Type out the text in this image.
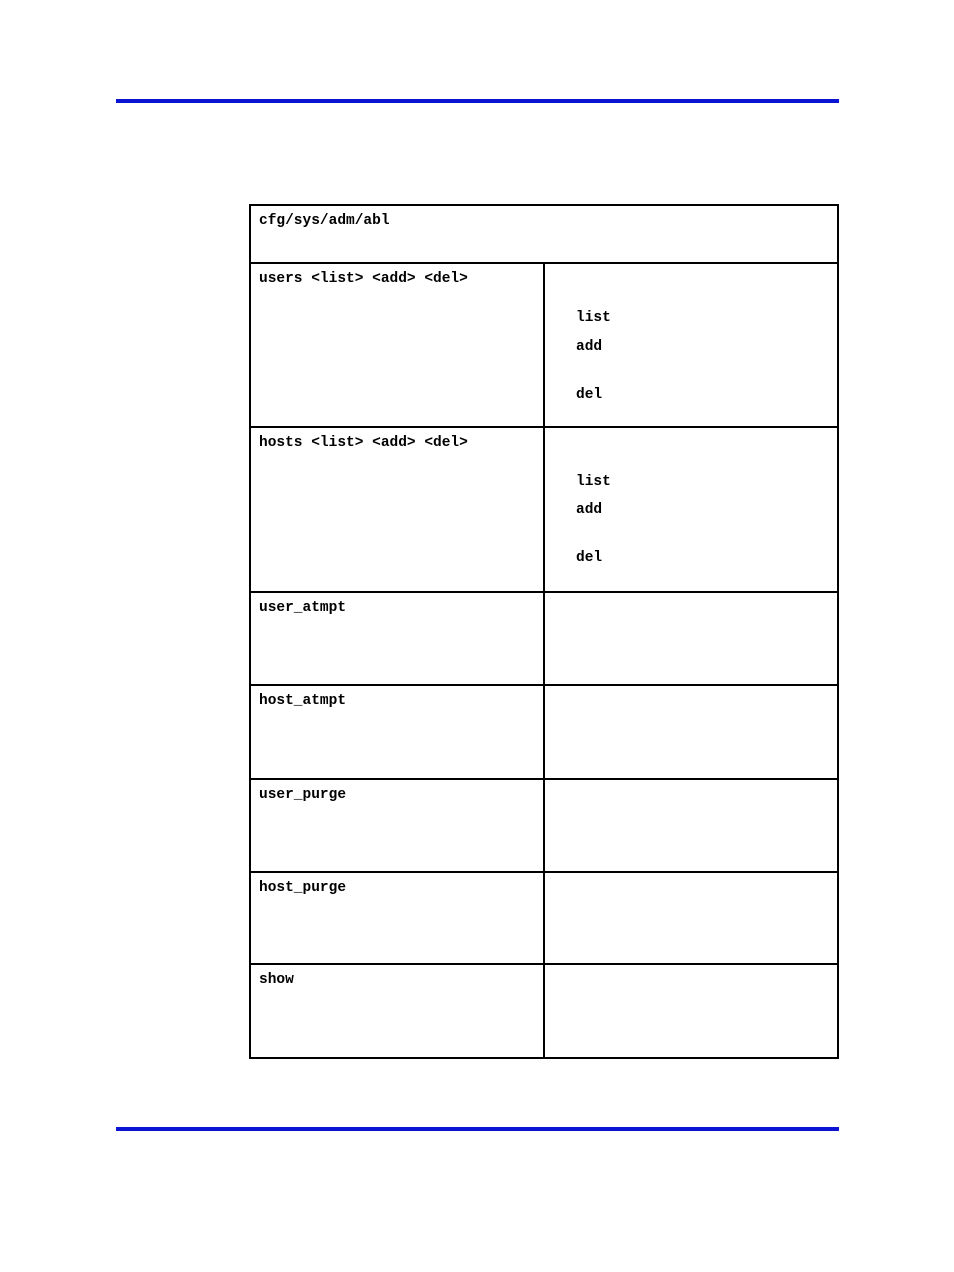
cfg/sys/adm/abl	

users <list> <add> <del>	list
add
del

hosts <list> <add> <del>	list
add
del

user_atmpt	

host_atmpt	

user_purge	

host_purge	

show	
